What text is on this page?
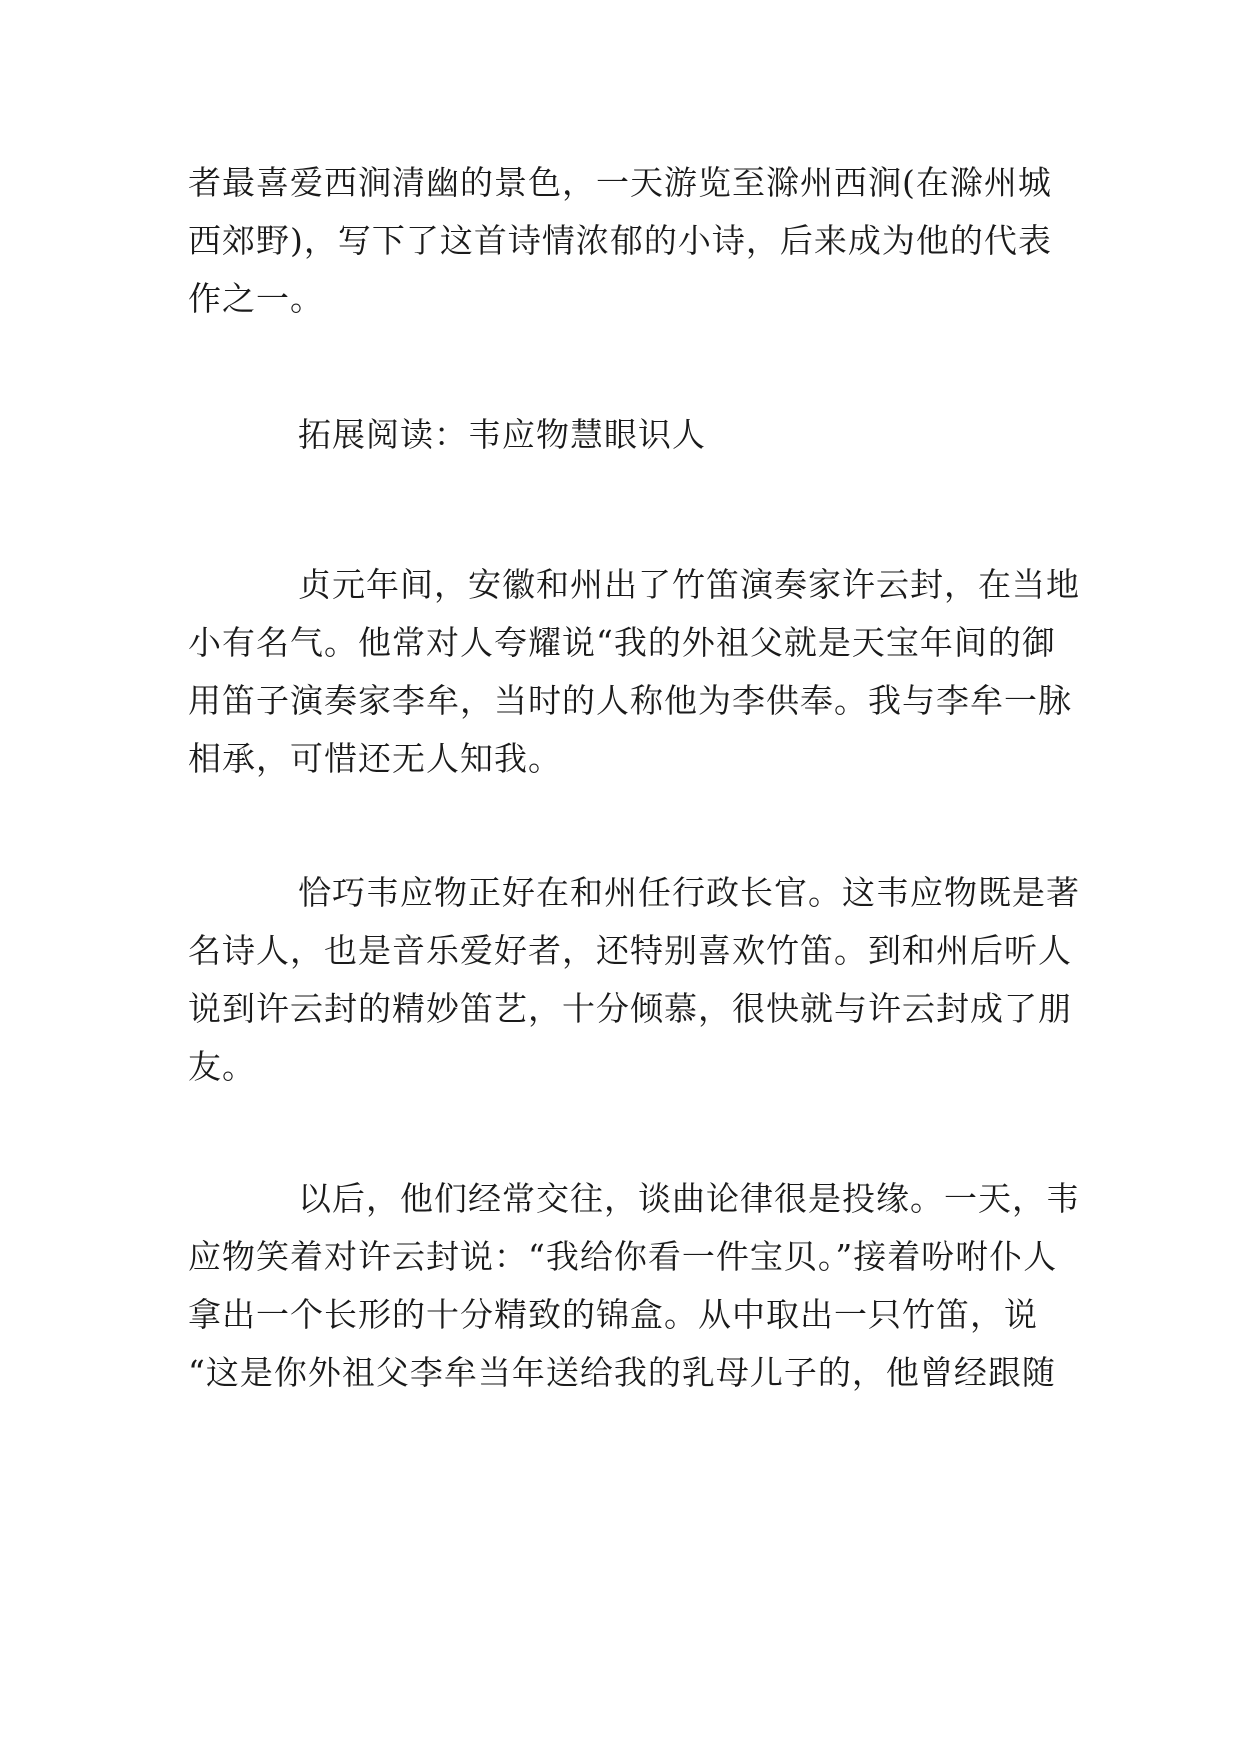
者最喜爱西涧清幽的景色，一天游览至滁州西涧(在滁州城
西郊野)，写下了这首诗情浓郁的小诗，后来成为他的代表
作之一。
拓展阅读：韦应物慧眼识人
贞元年间，安徽和州出了竹笛演奏家许云封，在当地
小有名气。他常对人夸耀说“我的外祖父就是天宝年间的御
用笛子演奏家李牟，当时的人称他为李供奉。我与李牟一脉
相承，可惜还无人知我。
恰巧韦应物正好在和州任行政长官。这韦应物既是著
名诗人，也是音乐爱好者，还特别喜欢竹笛。到和州后听人
说到许云封的精妙笛艺，十分倾慕，很快就与许云封成了朋
友。
以后，他们经常交往，谈曲论律很是投缘。一天，韦
应物笑着对许云封说：“我给你看一件宝贝。”接着吩咐仆人
拿出一个长形的十分精致的锦盒。从中取出一只竹笛，说
“这是你外祖父李牟当年送给我的乳母儿子的，他曾经跟随
